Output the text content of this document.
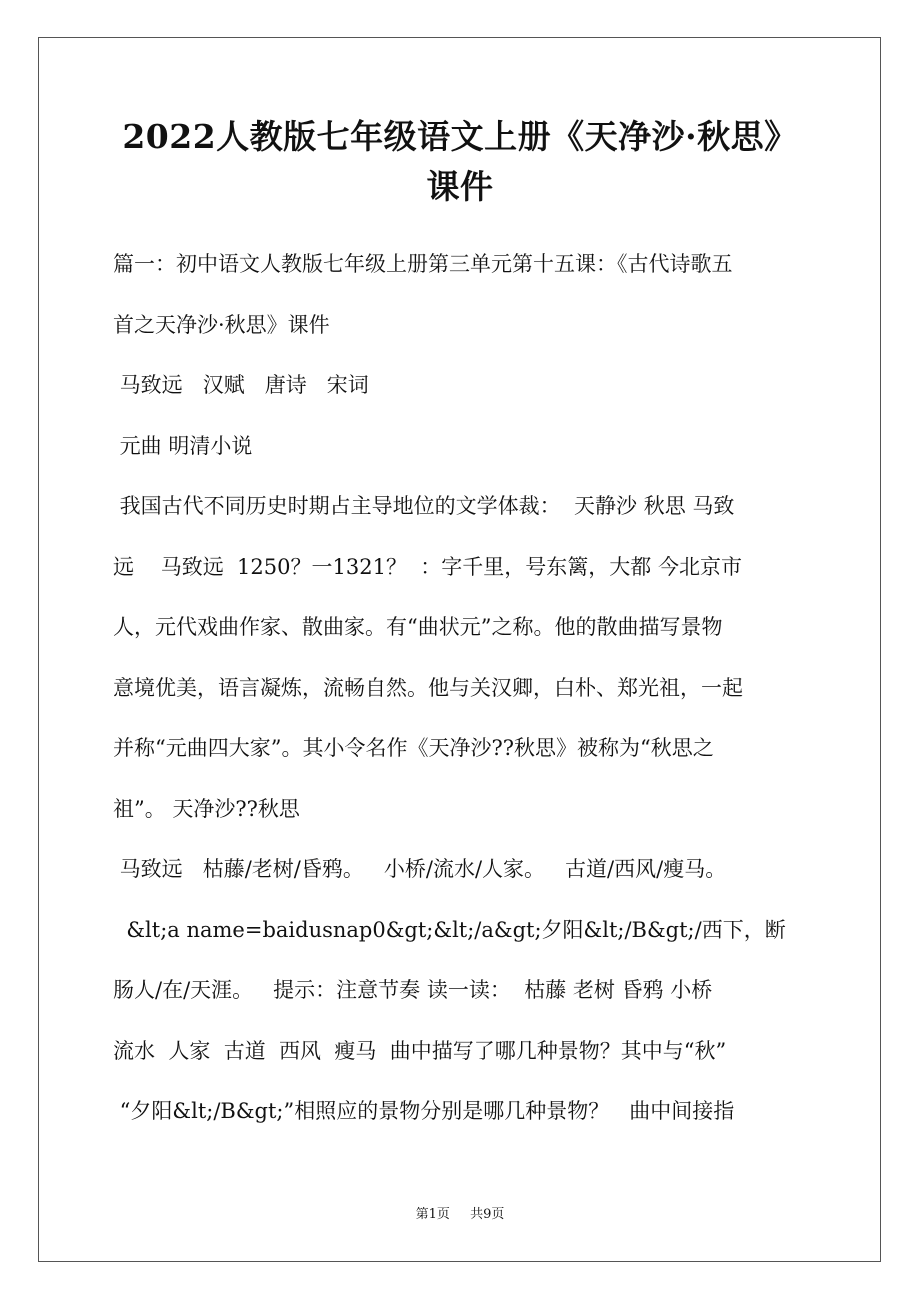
2022人教版七年级语文上册《天净沙·秋思》
课件
篇一：初中语文人教版七年级上册第三单元第十五课：《古代诗歌五
首之天净沙·秋思》课件
马致远   汉赋   唐诗   宋词
元曲 明清小说
我国古代不同历史时期占主导地位的文学体裁：  天静沙 秋思 马致
远    马致远  1250？一1321？  ：字千里，号东篱，大都 今北京市
人，元代戏曲作家、散曲家。有“曲状元”之称。他的散曲描写景物
意境优美，语言凝炼，流畅自然。他与关汉卿，白朴、郑光祖，一起
并称“元曲四大家”。其小令名作《天净沙??秋思》被称为“秋思之
祖”。 天净沙??秋思
马致远   枯藤/老树/昏鸦。   小桥/流水/人家。   古道/西风/瘦马。
&lt;a name=baidusnap0&gt;&lt;/a&gt;夕阳&lt;/B&gt;/西下，断
肠人/在/天涯。   提示：注意节奏 读一读：  枯藤 老树 昏鸦 小桥
流水  人家  古道  西风  瘦马  曲中描写了哪几种景物？其中与“秋”
“夕阳&lt;/B&gt;”相照应的景物分别是哪几种景物？   曲中间接指
第1页 共9页
